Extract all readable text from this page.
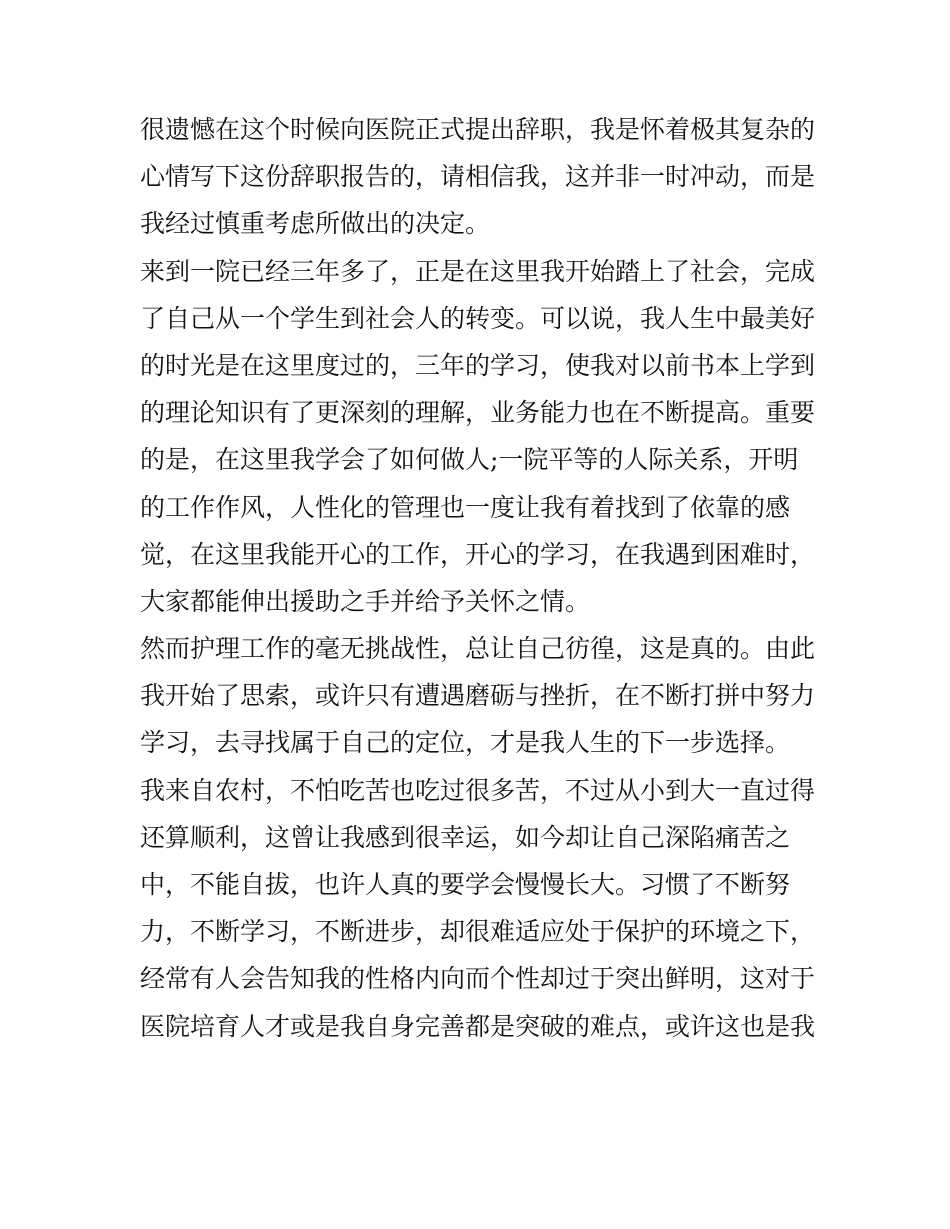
很遗憾在这个时候向医院正式提出辞职，我是怀着极其复杂的
心情写下这份辞职报告的，请相信我，这并非一时冲动，而是
我经过慎重考虑所做出的决定。
来到一院已经三年多了，正是在这里我开始踏上了社会，完成
了自己从一个学生到社会人的转变。可以说，我人生中最美好
的时光是在这里度过的，三年的学习，使我对以前书本上学到
的理论知识有了更深刻的理解，业务能力也在不断提高。重要
的是，在这里我学会了如何做人;一院平等的人际关系，开明
的工作作风，人性化的管理也一度让我有着找到了依靠的感
觉，在这里我能开心的工作，开心的学习，在我遇到困难时，
大家都能伸出援助之手并给予关怀之情。
然而护理工作的毫无挑战性，总让自己彷徨，这是真的。由此
我开始了思索，或许只有遭遇磨砺与挫折，在不断打拼中努力
学习，去寻找属于自己的定位，才是我人生的下一步选择。
我来自农村，不怕吃苦也吃过很多苦，不过从小到大一直过得
还算顺利，这曾让我感到很幸运，如今却让自己深陷痛苦之
中，不能自拔，也许人真的要学会慢慢长大。习惯了不断努
力，不断学习，不断进步，却很难适应处于保护的环境之下，
经常有人会告知我的性格内向而个性却过于突出鲜明，这对于
医院培育人才或是我自身完善都是突破的难点，或许这也是我
